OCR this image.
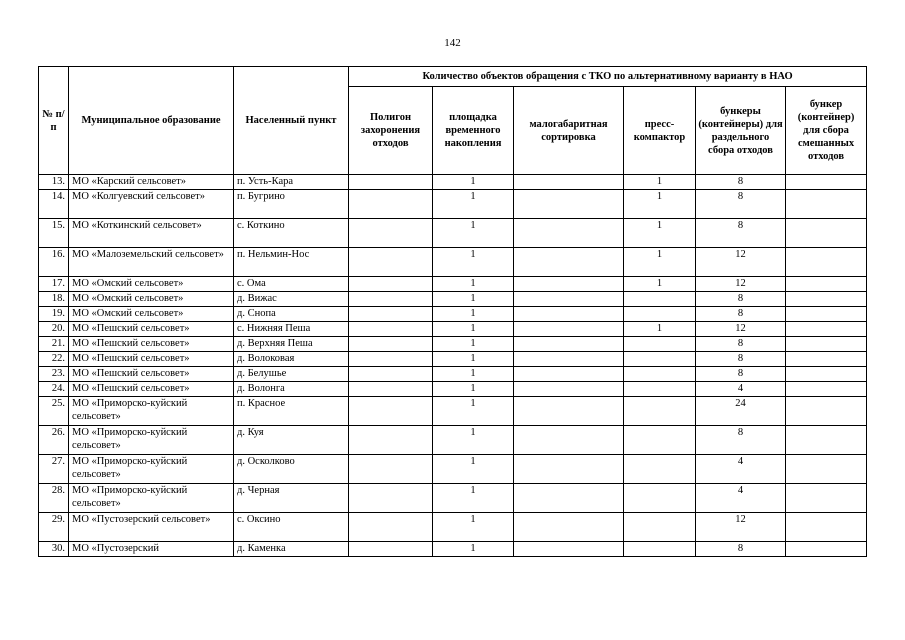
142
№ п/п	Муниципальное образование	Населенный пункт	Количество объектов обращения с ТКО по альтернативному варианту в НАО					
			Полигон захоронения отходов	площадка временного накопления	малогабаритная сортировка	пресс-компактор	бункеры (контейнеры) для раздельного сбора отходов	бункер (контейнер) для сбора смешанных отходов
13.	МО «Карский сельсовет»	п. Усть-Кара		1		1	8	
14.	МО «Колгуевский сельсовет»	п. Бугрино		1		1	8	
15.	МО «Коткинский сельсовет»	с. Коткино		1		1	8	
16.	МО «Малоземельский сельсовет»	п. Нельмин-Нос		1		1	12	
17.	МО «Омский сельсовет»	с. Ома		1		1	12	
18.	МО «Омский сельсовет»	д. Вижас		1			8	
19.	МО «Омский сельсовет»	д. Снопа		1			8	
20.	МО «Пешский сельсовет»	с. Нижняя Пеша		1		1	12	
21.	МО «Пешский сельсовет»	д. Верхняя Пеша		1			8	
22.	МО «Пешский сельсовет»	д. Волоковая		1			8	
23.	МО «Пешский сельсовет»	д. Белушье		1			8	
24.	МО «Пешский сельсовет»	д. Волонга		1			4	
25.	МО «Приморско-куйский сельсовет»	п. Красное		1			24	
26.	МО «Приморско-куйский сельсовет»	д. Куя		1			8	
27.	МО «Приморско-куйский сельсовет»	д. Осколково		1			4	
28.	МО «Приморско-куйский сельсовет»	д. Черная		1			4	
29.	МО «Пустозерский сельсовет»	с. Оксино		1			12	
30.	МО «Пустозерский	д. Каменка		1			8	
